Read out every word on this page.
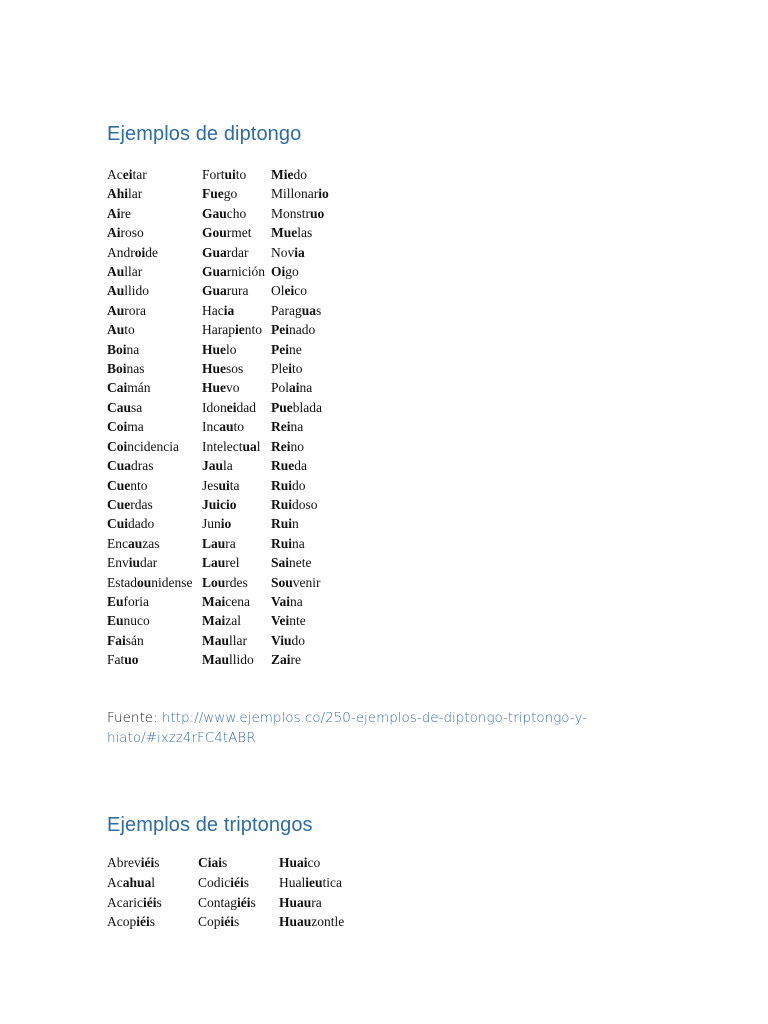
Ejemplos de diptongo
Aceitar	Fortuito	Miedo
Ahilar	Fuego	Millonario
Aire	Gaucho	Monstruo
Airoso	Gourmet	Muelas
Androide	Guardar	Novia
Aullar	Guarnición	Oigo
Aullido	Guarura	Oleico
Aurora	Hacia	Paraguas
Auto	Harapiento	Peinado
Boina	Huelo	Peine
Boinas	Huesos	Pleito
Caimán	Huevo	Polaina
Causa	Idoneidad	Pueblada
Coima	Incauto	Reina
Coincidencia	Intelectual	Reino
Cuadras	Jaula	Rueda
Cuento	Jesuita	Ruido
Cuerdas	Juicio	Ruidoso
Cuidado	Junio	Ruin
Encauzas	Laura	Ruina
Enviudar	Laurel	Sainete
Estadounidense	Lourdes	Souvenir
Euforia	Maicena	Vaina
Eunuco	Maizal	Veinte
Faisán	Maullar	Viudo
Fatuo	Maullido	Zaire
Fuente: http://www.ejemplos.co/250-ejemplos-de-diptongo-triptongo-y-hiato/#ixzz4rFC4tABR
Ejemplos de triptongos
Abreviéis	Ciais	Huaico
Acahual	Codiciéis	Hualieutica
Acariciéis	Contagiéis	Huaura
Acopiéis	Copiéis	Huauzontle
